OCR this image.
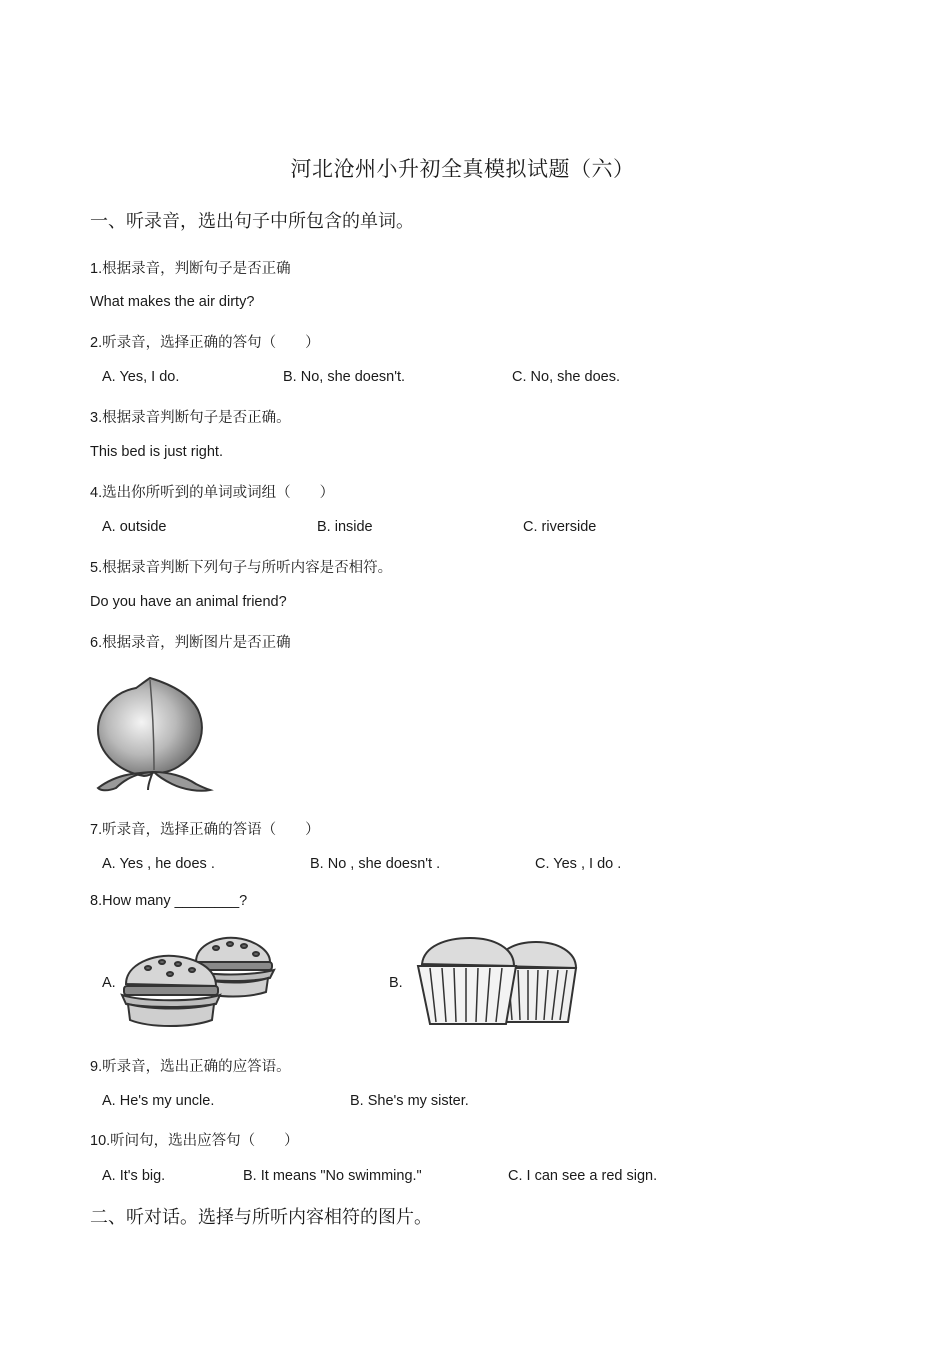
河北沧州小升初全真模拟试题（六）
一、听录音，选出句子中所包含的单词。
1.根据录音，判断句子是否正确
What makes the air dirty?
2.听录音，选择正确的答句（　　）
A. Yes, I do.	B. No, she doesn't.	C. No, she does.
3.根据录音判断句子是否正确。
This bed is just right.
4.选出你所听到的单词或词组（　　）
A. outside	B. inside	C. riverside
5.根据录音判断下列句子与所听内容是否相符。
Do you have an animal friend?
6.根据录音，判断图片是否正确
7.听录音，选择正确的答语（　　）
A. Yes , he does .	B. No , she doesn't .	C. Yes , I do .
8.How many ________?
A.	B.
9.听录音，选出正确的应答语。
A. He's my uncle.	B. She's my sister.
10.听问句，选出应答句（　　）
A. It's big.	B. It means "No swimming."	C. I can see a red sign.
二、听对话。选择与所听内容相符的图片。
